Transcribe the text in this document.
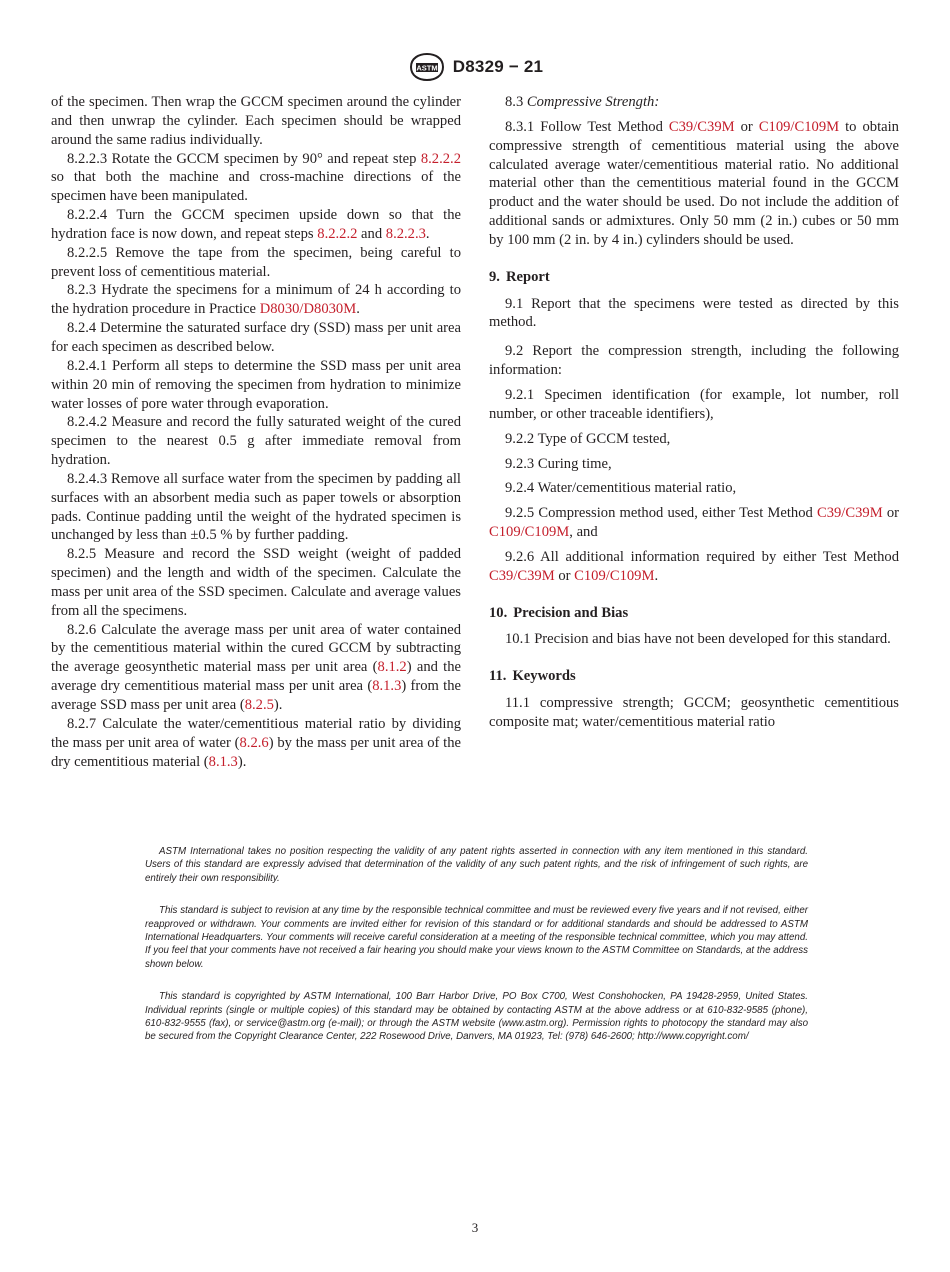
ASTM D8329 − 21

of the specimen. Then wrap the GCCM specimen around the cylinder and then unwrap the cylinder. Each specimen should be wrapped around the same radius individually.

8.2.2.3 Rotate the GCCM specimen by 90° and repeat step 8.2.2.2 so that both the machine and cross-machine directions of the specimen have been manipulated.

8.2.2.4 Turn the GCCM specimen upside down so that the hydration face is now down, and repeat steps 8.2.2.2 and 8.2.2.3.

8.2.2.5 Remove the tape from the specimen, being careful to prevent loss of cementitious material.

8.2.3 Hydrate the specimens for a minimum of 24 h according to the hydration procedure in Practice D8030/D8030M.

8.2.4 Determine the saturated surface dry (SSD) mass per unit area for each specimen as described below.

8.2.4.1 Perform all steps to determine the SSD mass per unit area within 20 min of removing the specimen from hydration to minimize water losses of pore water through evaporation.

8.2.4.2 Measure and record the fully saturated weight of the cured specimen to the nearest 0.5 g after immediate removal from hydration.

8.2.4.3 Remove all surface water from the specimen by padding all surfaces with an absorbent media such as paper towels or absorption pads. Continue padding until the weight of the hydrated specimen is unchanged by less than ±0.5 % by further padding.

8.2.5 Measure and record the SSD weight (weight of padded specimen) and the length and width of the specimen. Calculate the mass per unit area of the SSD specimen. Calculate and average values from all the specimens.

8.2.6 Calculate the average mass per unit area of water contained by the cementitious material within the cured GCCM by subtracting the average geosynthetic material mass per unit area (8.1.2) and the average dry cementitious material mass per unit area (8.1.3) from the average SSD mass per unit area (8.2.5).

8.2.7 Calculate the water/cementitious material ratio by dividing the mass per unit area of water (8.2.6) by the mass per unit area of the dry cementitious material (8.1.3).

8.3 Compressive Strength:

8.3.1 Follow Test Method C39/C39M or C109/C109M to obtain compressive strength of cementitious material using the above calculated average water/cementitious material ratio. No additional material other than the cementitious material found in the GCCM product and the water should be used. Do not include the addition of additional sands or admixtures. Only 50 mm (2 in.) cubes or 50 mm by 100 mm (2 in. by 4 in.) cylinders should be used.

9. Report

9.1 Report that the specimens were tested as directed by this method.

9.2 Report the compression strength, including the following information:

9.2.1 Specimen identification (for example, lot number, roll number, or other traceable identifiers),

9.2.2 Type of GCCM tested,

9.2.3 Curing time,

9.2.4 Water/cementitious material ratio,

9.2.5 Compression method used, either Test Method C39/C39M or C109/C109M, and

9.2.6 All additional information required by either Test Method C39/C39M or C109/C109M.

10. Precision and Bias

10.1 Precision and bias have not been developed for this standard.

11. Keywords

11.1 compressive strength; GCCM; geosynthetic cementitious composite mat; water/cementitious material ratio

ASTM International takes no position respecting the validity of any patent rights asserted in connection with any item mentioned in this standard. Users of this standard are expressly advised that determination of the validity of any such patent rights, and the risk of infringement of such rights, are entirely their own responsibility.

This standard is subject to revision at any time by the responsible technical committee and must be reviewed every five years and if not revised, either reapproved or withdrawn. Your comments are invited either for revision of this standard or for additional standards and should be addressed to ASTM International Headquarters. Your comments will receive careful consideration at a meeting of the responsible technical committee, which you may attend. If you feel that your comments have not received a fair hearing you should make your views known to the ASTM Committee on Standards, at the address shown below.

This standard is copyrighted by ASTM International, 100 Barr Harbor Drive, PO Box C700, West Conshohocken, PA 19428-2959, United States. Individual reprints (single or multiple copies) of this standard may be obtained by contacting ASTM at the above address or at 610-832-9585 (phone), 610-832-9555 (fax), or service@astm.org (e-mail); or through the ASTM website (www.astm.org). Permission rights to photocopy the standard may also be secured from the Copyright Clearance Center, 222 Rosewood Drive, Danvers, MA 01923, Tel: (978) 646-2600; http://www.copyright.com/

3
